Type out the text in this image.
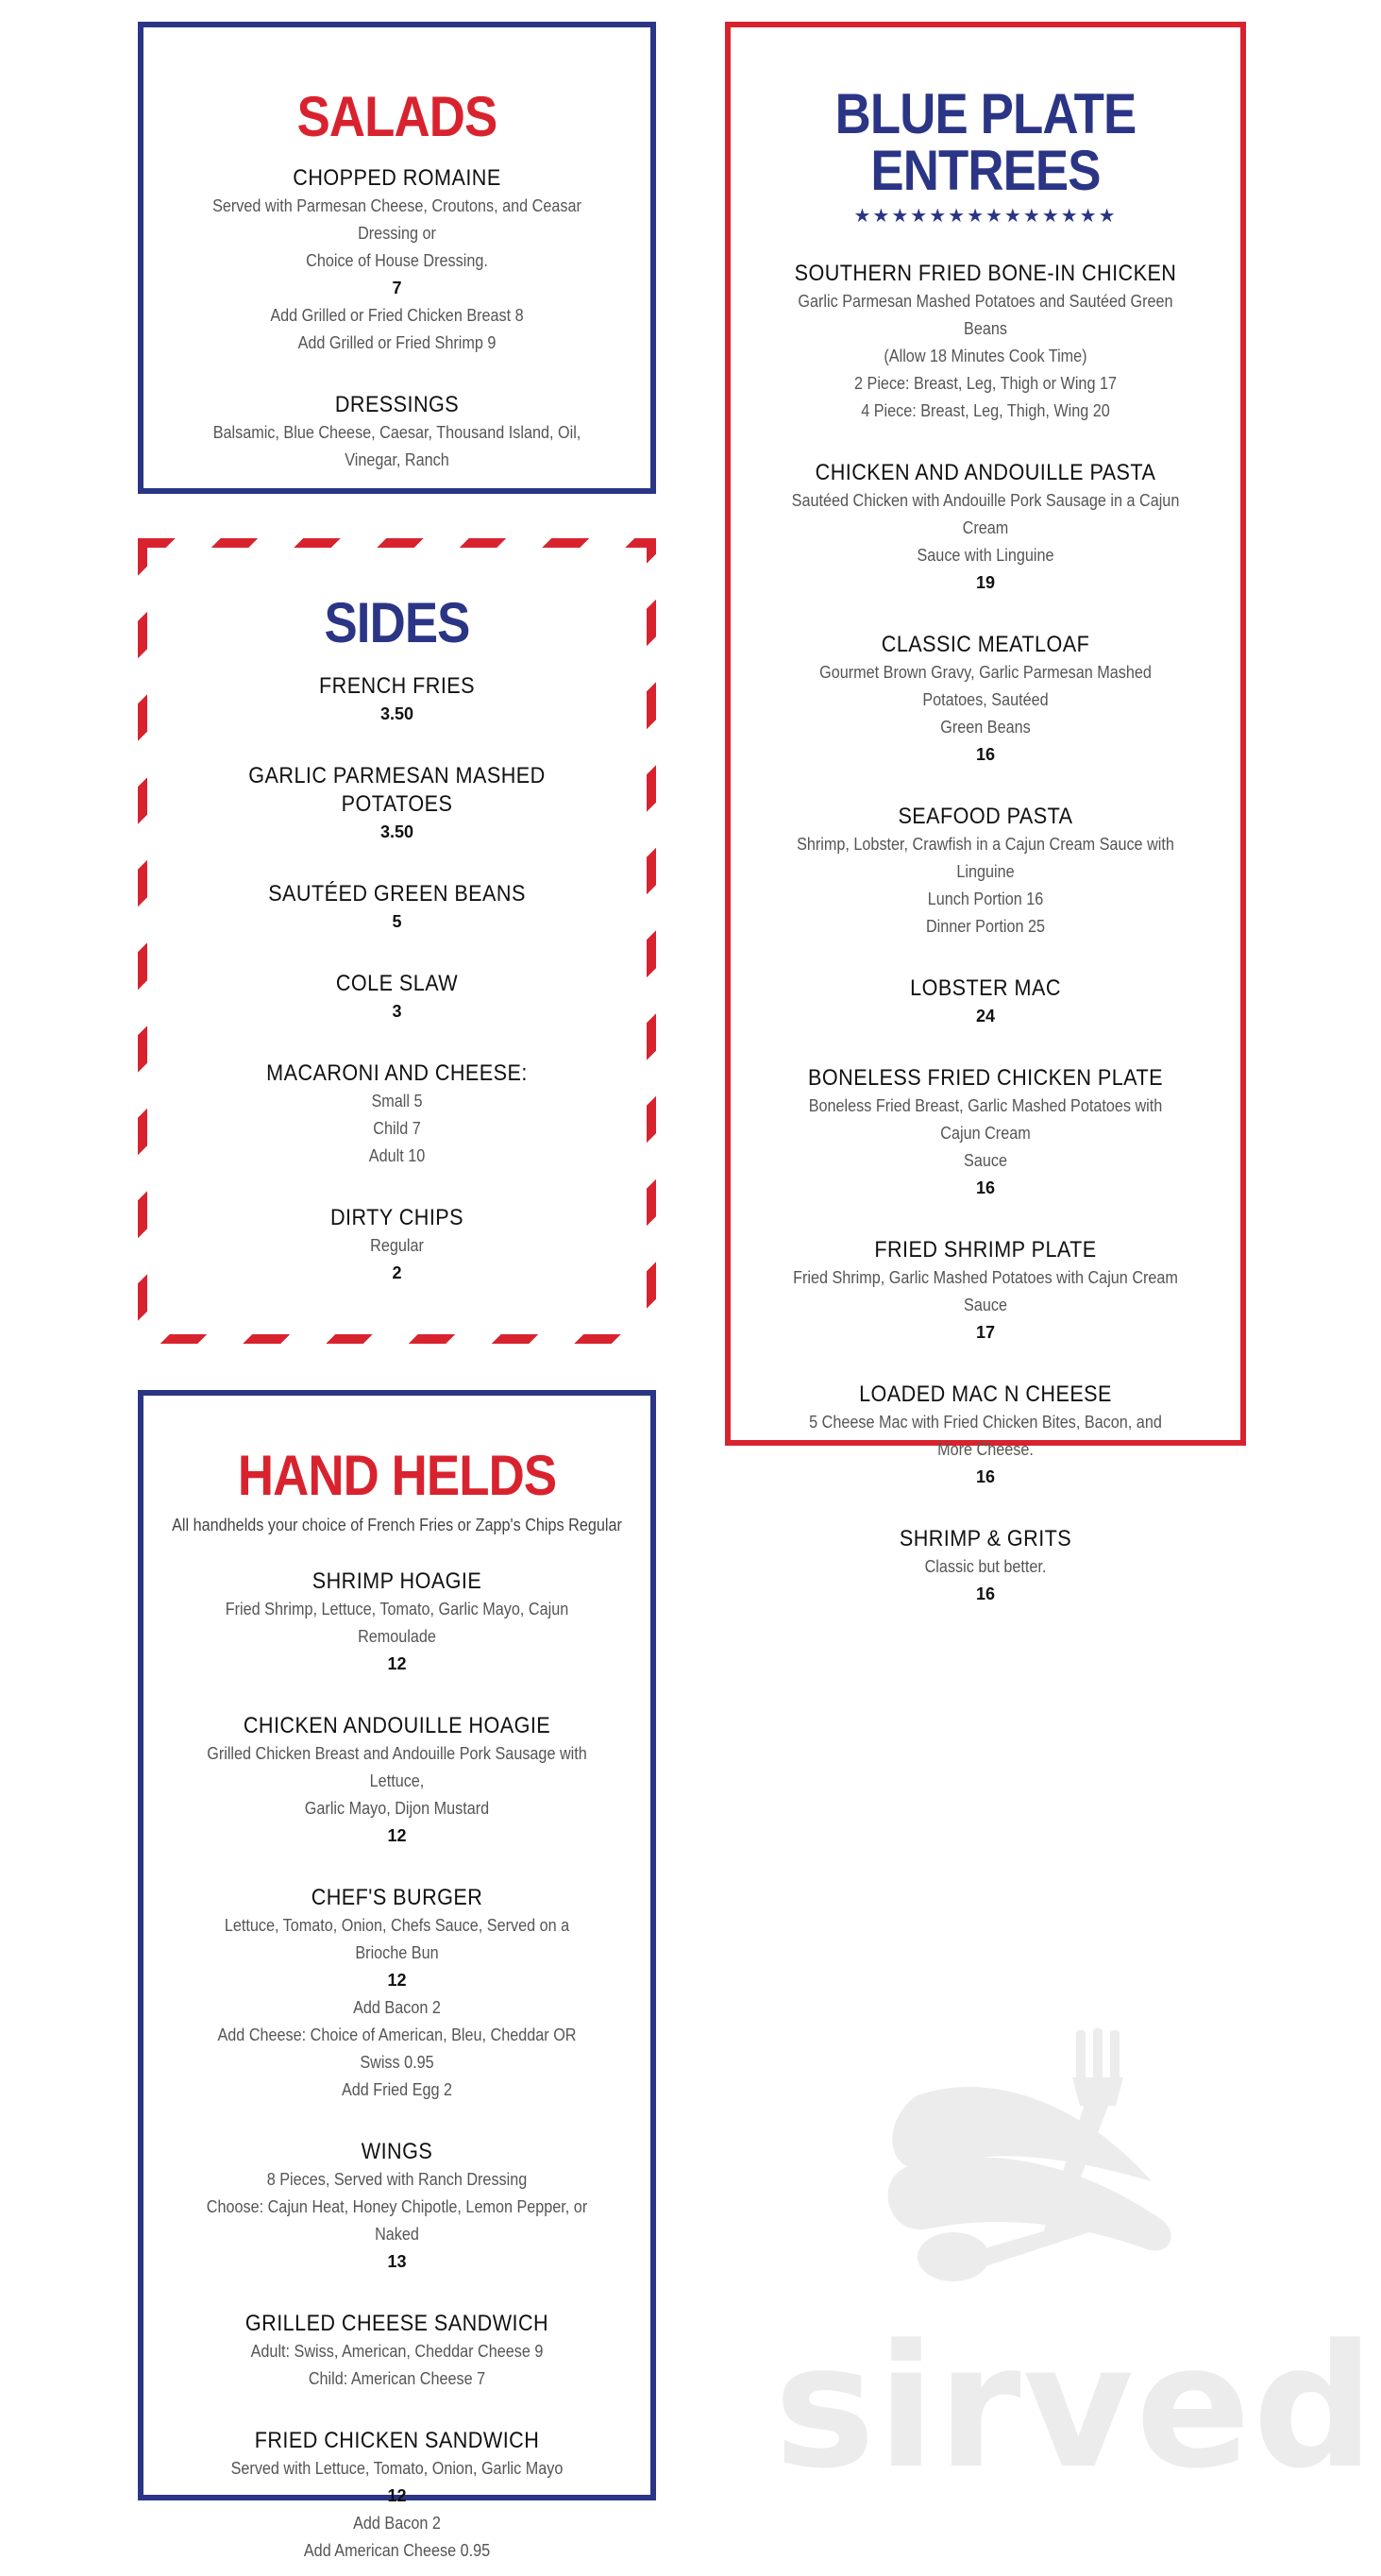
SALADS
CHOPPED ROMAINE
Served with Parmesan Cheese, Croutons, and Ceasar Dressing or
Choice of House Dressing.
7
Add Grilled or Fried Chicken Breast 8
Add Grilled or Fried Shrimp 9
DRESSINGS
Balsamic, Blue Cheese, Caesar, Thousand Island, Oil, Vinegar, Ranch
SIDES
FRENCH FRIES
3.50
GARLIC PARMESAN MASHED POTATOES
3.50
SAUTÉED GREEN BEANS
5
COLE SLAW
3
MACARONI AND CHEESE:
Small 5
Child 7
Adult 10
DIRTY CHIPS
Regular
2
HAND HELDS
All handhelds your choice of French Fries or Zapp's Chips Regular
SHRIMP HOAGIE
Fried Shrimp, Lettuce, Tomato, Garlic Mayo, Cajun Remoulade
12
CHICKEN ANDOUILLE HOAGIE
Grilled Chicken Breast and Andouille Pork Sausage with Lettuce,
Garlic Mayo, Dijon Mustard
12
CHEF'S BURGER
Lettuce, Tomato, Onion, Chefs Sauce, Served on a Brioche Bun
12
Add Bacon 2
Add Cheese: Choice of American, Bleu, Cheddar OR Swiss 0.95
Add Fried Egg 2
WINGS
8 Pieces, Served with Ranch Dressing
Choose: Cajun Heat, Honey Chipotle, Lemon Pepper, or Naked
13
GRILLED CHEESE SANDWICH
Adult: Swiss, American, Cheddar Cheese 9
Child: American Cheese 7
FRIED CHICKEN SANDWICH
Served with Lettuce, Tomato, Onion, Garlic Mayo
12
Add Bacon 2
Add American Cheese 0.95
BLUE PLATE ENTREES
★★★★★★★★★★★★★★
SOUTHERN FRIED BONE-IN CHICKEN
Garlic Parmesan Mashed Potatoes and Sautéed Green Beans
(Allow 18 Minutes Cook Time)
2 Piece: Breast, Leg, Thigh or Wing 17
4 Piece: Breast, Leg, Thigh, Wing 20
CHICKEN AND ANDOUILLE PASTA
Sautéed Chicken with Andouille Pork Sausage in a Cajun Cream
Sauce with Linguine
19
CLASSIC MEATLOAF
Gourmet Brown Gravy, Garlic Parmesan Mashed Potatoes, Sautéed
Green Beans
16
SEAFOOD PASTA
Shrimp, Lobster, Crawfish in a Cajun Cream Sauce with Linguine
Lunch Portion 16
Dinner Portion 25
LOBSTER MAC
24
BONELESS FRIED CHICKEN PLATE
Boneless Fried Breast, Garlic Mashed Potatoes with Cajun Cream
Sauce
16
FRIED SHRIMP PLATE
Fried Shrimp, Garlic Mashed Potatoes with Cajun Cream Sauce
17
LOADED MAC N CHEESE
5 Cheese Mac with Fried Chicken Bites, Bacon, and More Cheese.
16
SHRIMP & GRITS
Classic but better.
16
sirved
